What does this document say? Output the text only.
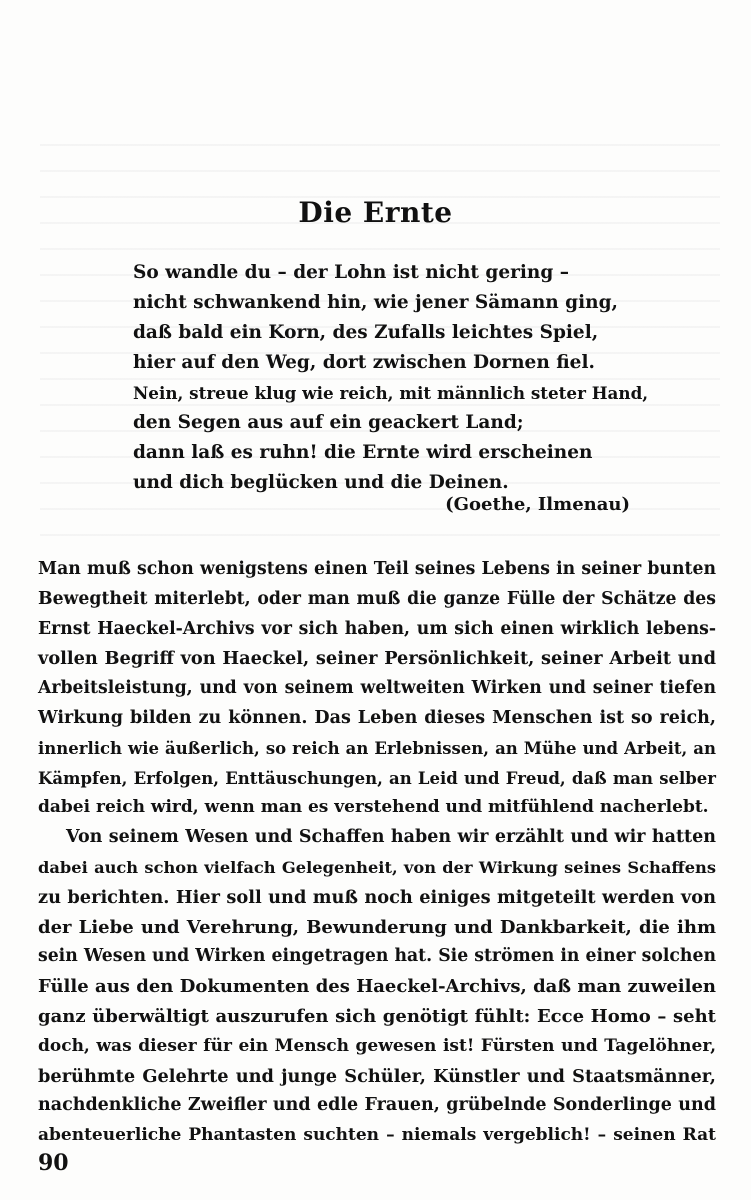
Die Ernte
So wandle du – der Lohn ist nicht gering –
nicht schwankend hin, wie jener Sämann ging,
daß bald ein Korn, des Zufalls leichtes Spiel,
hier auf den Weg, dort zwischen Dornen fiel.
Nein, streue klug wie reich, mit männlich steter Hand,
den Segen aus auf ein geackert Land;
dann laß es ruhn! die Ernte wird erscheinen
und dich beglücken und die Deinen.
(Goethe, Ilmenau)
Man muß schon wenigstens einen Teil seines Lebens in seiner bunten
Bewegtheit miterlebt, oder man muß die ganze Fülle der Schätze des
Ernst Haeckel-Archivs vor sich haben, um sich einen wirklich lebens-
vollen Begriff von Haeckel, seiner Persönlichkeit, seiner Arbeit und
Arbeitsleistung, und von seinem weltweiten Wirken und seiner tiefen
Wirkung bilden zu können. Das Leben dieses Menschen ist so reich,
innerlich wie äußerlich, so reich an Erlebnissen, an Mühe und Arbeit, an
Kämpfen, Erfolgen, Enttäuschungen, an Leid und Freud, daß man selber
dabei reich wird, wenn man es verstehend und mitfühlend nacherlebt.
Von seinem Wesen und Schaffen haben wir erzählt und wir hatten
dabei auch schon vielfach Gelegenheit, von der Wirkung seines Schaffens
zu berichten. Hier soll und muß noch einiges mitgeteilt werden von
der Liebe und Verehrung, Bewunderung und Dankbarkeit, die ihm
sein Wesen und Wirken eingetragen hat. Sie strömen in einer solchen
Fülle aus den Dokumenten des Haeckel-Archivs, daß man zuweilen
ganz überwältigt auszurufen sich genötigt fühlt: Ecce Homo – seht
doch, was dieser für ein Mensch gewesen ist! Fürsten und Tagelöhner,
berühmte Gelehrte und junge Schüler, Künstler und Staatsmänner,
nachdenkliche Zweifler und edle Frauen, grübelnde Sonderlinge und
abenteuerliche Phantasten suchten – niemals vergeblich! – seinen Rat
90
